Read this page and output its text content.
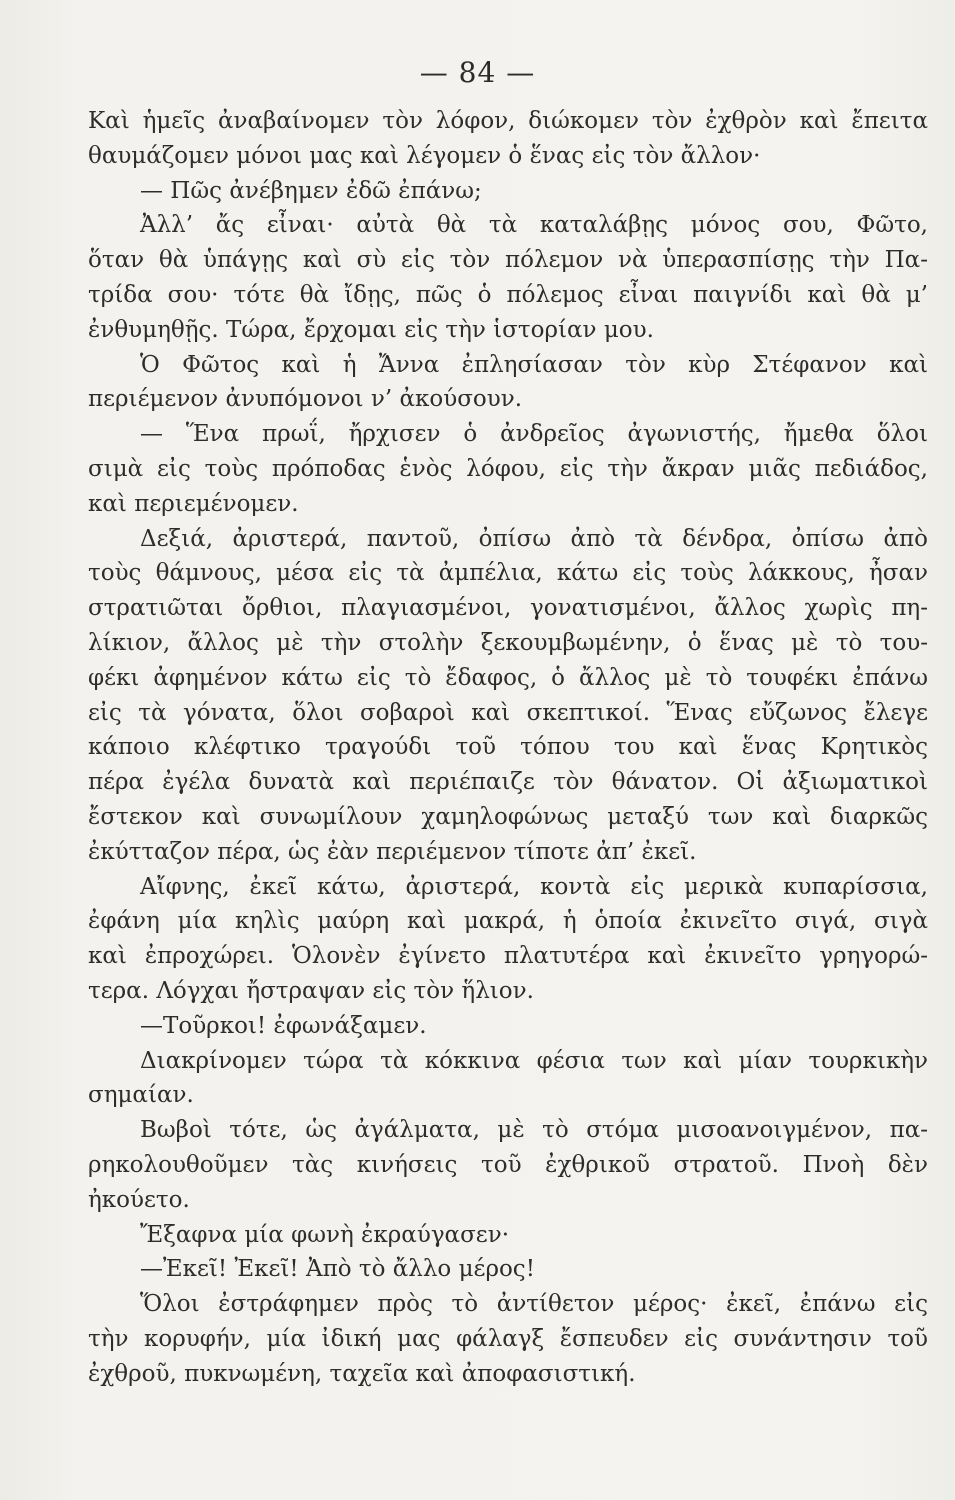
— 84 —
Καὶ ἡμεῖς ἀναβαίνομεν τὸν λόφον, διώκομεν τὸν ἐχθρὸν καὶ ἔπειτα
θαυμάζομεν μόνοι μας καὶ λέγομεν ὁ ἕνας εἰς τὸν ἄλλον·
— Πῶς ἀνέβημεν ἐδῶ ἐπάνω;
Ἀλλ’ ἄς εἶναι· αὐτὰ θὰ τὰ καταλάβῃς μόνος σου, Φῶτο,
ὅταν θὰ ὑπάγῃς καὶ σὺ εἰς τὸν πόλεμον νὰ ὑπερασπίσῃς τὴν Πα-
τρίδα σου· τότε θὰ ἴδῃς, πῶς ὁ πόλεμος εἶναι παιγνίδι καὶ θὰ μ’
ἐνθυμηθῇς. Τώρα, ἔρχομαι εἰς τὴν ἱστορίαν μου.
Ὁ Φῶτος καὶ ἡ Ἄννα ἐπλησίασαν τὸν κὺρ Στέφανον καὶ
περιέμενον ἀνυπόμονοι ν’ ἀκούσουν.
— Ἕνα πρωΐ, ἤρχισεν ὁ ἀνδρεῖος ἀγωνιστής, ἤμεθα ὅλοι
σιμὰ εἰς τοὺς πρόποδας ἑνὸς λόφου, εἰς τὴν ἄκραν μιᾶς πεδιάδος,
καὶ περιεμένομεν.
Δεξιά, ἀριστερά, παντοῦ, ὀπίσω ἀπὸ τὰ δένδρα, ὀπίσω ἀπὸ
τοὺς θάμνους, μέσα εἰς τὰ ἀμπέλια, κάτω εἰς τοὺς λάκκους, ἦσαν
στρατιῶται ὄρθιοι, πλαγιασμένοι, γονατισμένοι, ἄλλος χωρὶς πη-
λίκιον, ἄλλος μὲ τὴν στολὴν ξεκουμβωμένην, ὁ ἕνας μὲ τὸ του-
φέκι ἀφημένον κάτω εἰς τὸ ἔδαφος, ὁ ἄλλος μὲ τὸ τουφέκι ἐπάνω
εἰς τὰ γόνατα, ὅλοι σοβαροὶ καὶ σκεπτικοί. Ἕνας εὔζωνος ἔλεγε
κάποιο κλέφτικο τραγούδι τοῦ τόπου του καὶ ἕνας Κρητικὸς
πέρα ἐγέλα δυνατὰ καὶ περιέπαιζε τὸν θάνατον. Οἱ ἀξιωματικοὶ
ἔστεκον καὶ συνωμίλουν χαμηλοφώνως μεταξύ των καὶ διαρκῶς
ἐκύτταζον πέρα, ὡς ἐὰν περιέμενον τίποτε ἀπ’ ἐκεῖ.
Αἴφνης, ἐκεῖ κάτω, ἀριστερά, κοντὰ εἰς μερικὰ κυπαρίσσια,
ἐφάνη μία κηλὶς μαύρη καὶ μακρά, ἡ ὁποία ἐκινεῖτο σιγά, σιγὰ
καὶ ἐπροχώρει. Ὁλονὲν ἐγίνετο πλατυτέρα καὶ ἐκινεῖτο γρηγορώ-
τερα. Λόγχαι ἤστραψαν εἰς τὸν ἥλιον.
—Τοῦρκοι! ἐφωνάξαμεν.
Διακρίνομεν τώρα τὰ κόκκινα φέσια των καὶ μίαν τουρκικὴν
σημαίαν.
Βωβοὶ τότε, ὡς ἀγάλματα, μὲ τὸ στόμα μισοανοιγμένον, πα-
ρηκολουθοῦμεν τὰς κινήσεις τοῦ ἐχθρικοῦ στρατοῦ. Πνοὴ δὲν
ἠκούετο.
Ἔξαφνα μία φωνὴ ἐκραύγασεν·
—Ἐκεῖ! Ἐκεῖ! Ἀπὸ τὸ ἄλλο μέρος!
Ὅλοι ἐστράφημεν πρὸς τὸ ἀντίθετον μέρος· ἐκεῖ, ἐπάνω εἰς
τὴν κορυφήν, μία ἰδική μας φάλαγξ ἔσπευδεν εἰς συνάντησιν τοῦ
ἐχθροῦ, πυκνωμένη, ταχεῖα καὶ ἀποφασιστική.
